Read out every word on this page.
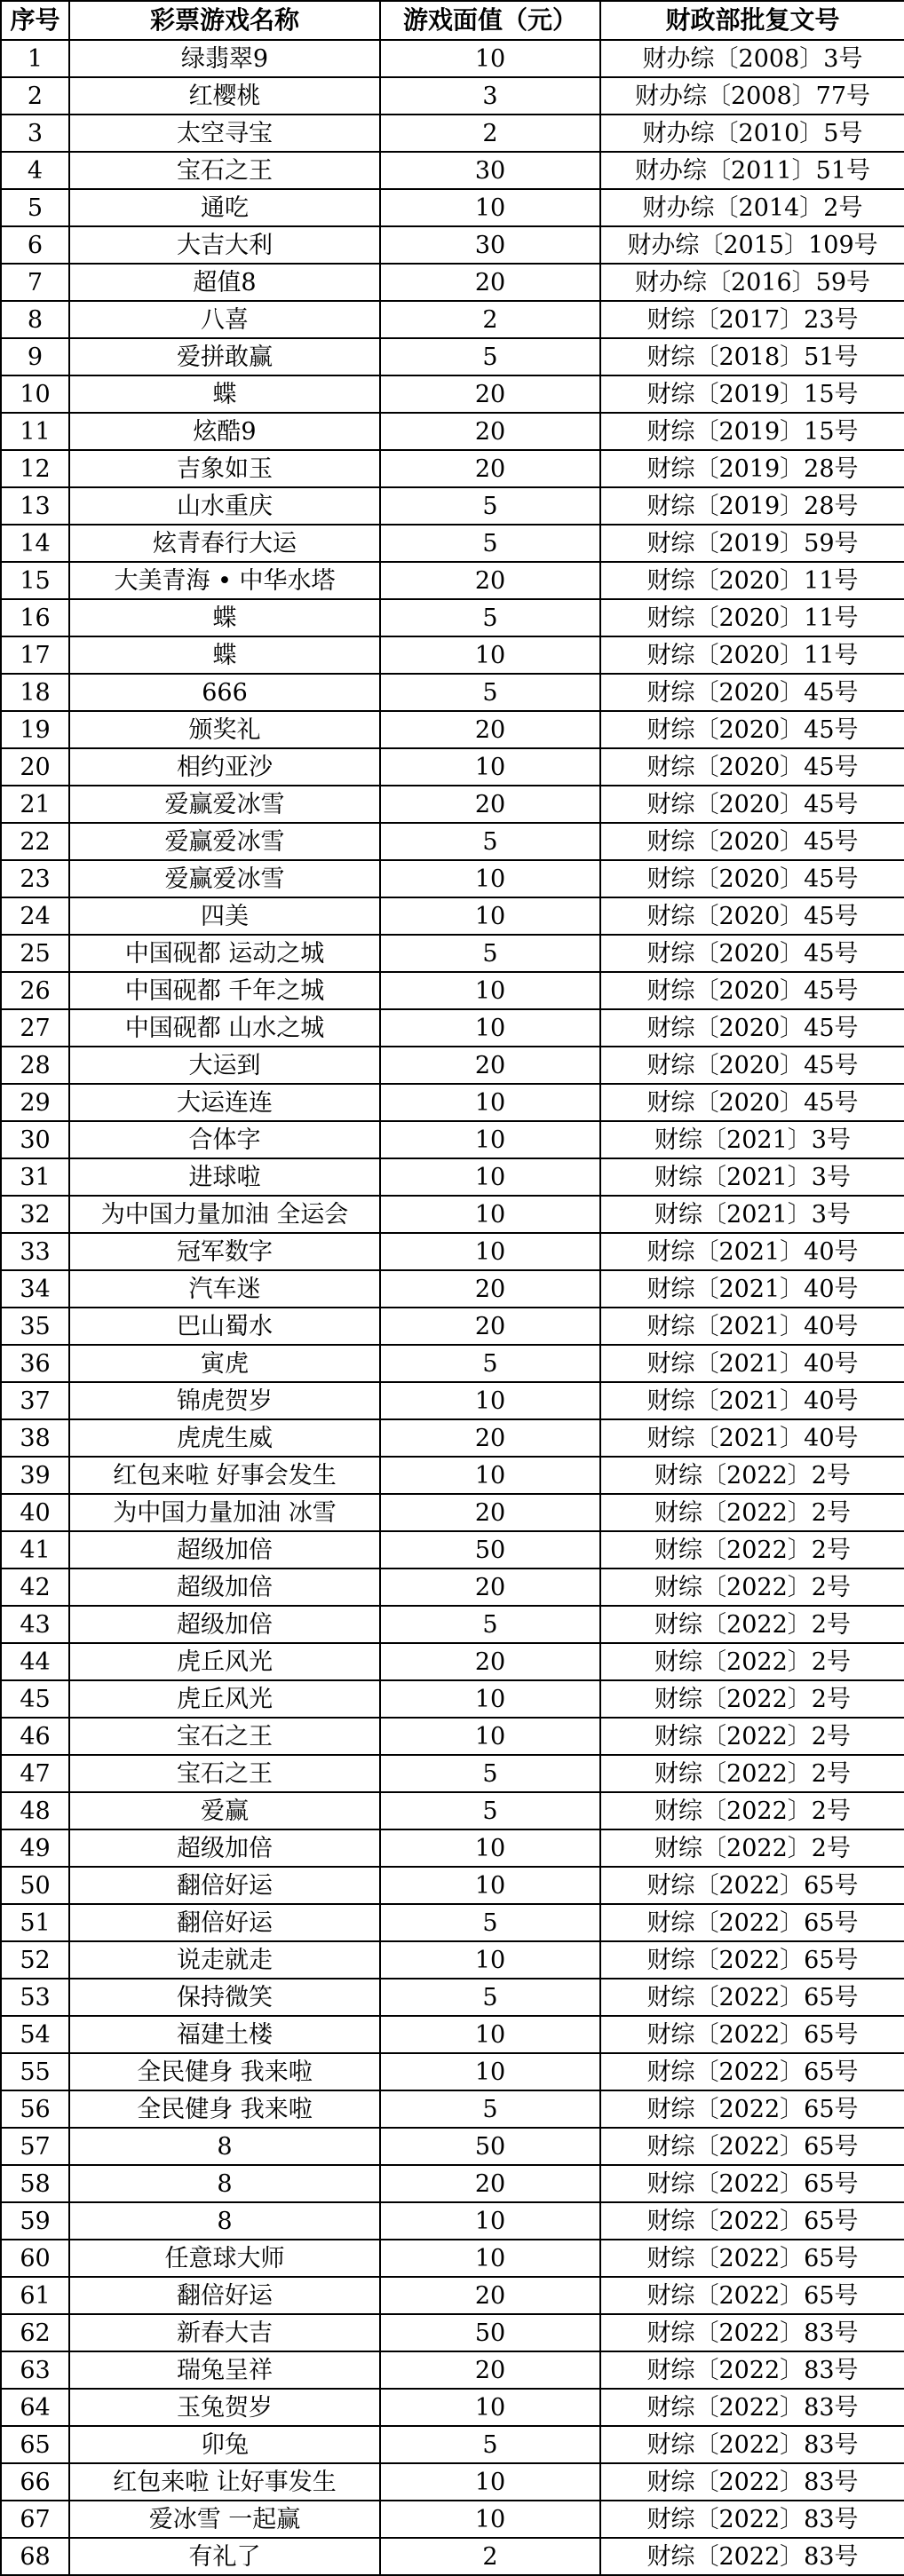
序号	彩票游戏名称	游戏面值（元）	财政部批复文号
1	绿翡翠9	10	财办综〔2008〕3号
2	红樱桃	3	财办综〔2008〕77号
3	太空寻宝	2	财办综〔2010〕5号
4	宝石之王	30	财办综〔2011〕51号
5	通吃	10	财办综〔2014〕2号
6	大吉大利	30	财办综〔2015〕109号
7	超值8	20	财办综〔2016〕59号
8	八喜	2	财综〔2017〕23号
9	爱拼敢赢	5	财综〔2018〕51号
10	蝶	20	财综〔2019〕15号
11	炫酷9	20	财综〔2019〕15号
12	吉象如玉	20	财综〔2019〕28号
13	山水重庆	5	财综〔2019〕28号
14	炫青春行大运	5	财综〔2019〕59号
15	大美青海 • 中华水塔	20	财综〔2020〕11号
16	蝶	5	财综〔2020〕11号
17	蝶	10	财综〔2020〕11号
18	666	5	财综〔2020〕45号
19	颁奖礼	20	财综〔2020〕45号
20	相约亚沙	10	财综〔2020〕45号
21	爱赢爱冰雪	20	财综〔2020〕45号
22	爱赢爱冰雪	5	财综〔2020〕45号
23	爱赢爱冰雪	10	财综〔2020〕45号
24	四美	10	财综〔2020〕45号
25	中国砚都 运动之城	5	财综〔2020〕45号
26	中国砚都 千年之城	10	财综〔2020〕45号
27	中国砚都 山水之城	10	财综〔2020〕45号
28	大运到	20	财综〔2020〕45号
29	大运连连	10	财综〔2020〕45号
30	合体字	10	财综〔2021〕3号
31	进球啦	10	财综〔2021〕3号
32	为中国力量加油 全运会	10	财综〔2021〕3号
33	冠军数字	10	财综〔2021〕40号
34	汽车迷	20	财综〔2021〕40号
35	巴山蜀水	20	财综〔2021〕40号
36	寅虎	5	财综〔2021〕40号
37	锦虎贺岁	10	财综〔2021〕40号
38	虎虎生威	20	财综〔2021〕40号
39	红包来啦 好事会发生	10	财综〔2022〕2号
40	为中国力量加油 冰雪	20	财综〔2022〕2号
41	超级加倍	50	财综〔2022〕2号
42	超级加倍	20	财综〔2022〕2号
43	超级加倍	5	财综〔2022〕2号
44	虎丘风光	20	财综〔2022〕2号
45	虎丘风光	10	财综〔2022〕2号
46	宝石之王	10	财综〔2022〕2号
47	宝石之王	5	财综〔2022〕2号
48	爱赢	5	财综〔2022〕2号
49	超级加倍	10	财综〔2022〕2号
50	翻倍好运	10	财综〔2022〕65号
51	翻倍好运	5	财综〔2022〕65号
52	说走就走	10	财综〔2022〕65号
53	保持微笑	5	财综〔2022〕65号
54	福建土楼	10	财综〔2022〕65号
55	全民健身 我来啦	10	财综〔2022〕65号
56	全民健身 我来啦	5	财综〔2022〕65号
57	8	50	财综〔2022〕65号
58	8	20	财综〔2022〕65号
59	8	10	财综〔2022〕65号
60	任意球大师	10	财综〔2022〕65号
61	翻倍好运	20	财综〔2022〕65号
62	新春大吉	50	财综〔2022〕83号
63	瑞兔呈祥	20	财综〔2022〕83号
64	玉兔贺岁	10	财综〔2022〕83号
65	卯兔	5	财综〔2022〕83号
66	红包来啦 让好事发生	10	财综〔2022〕83号
67	爱冰雪 一起赢	10	财综〔2022〕83号
68	有礼了	2	财综〔2022〕83号
